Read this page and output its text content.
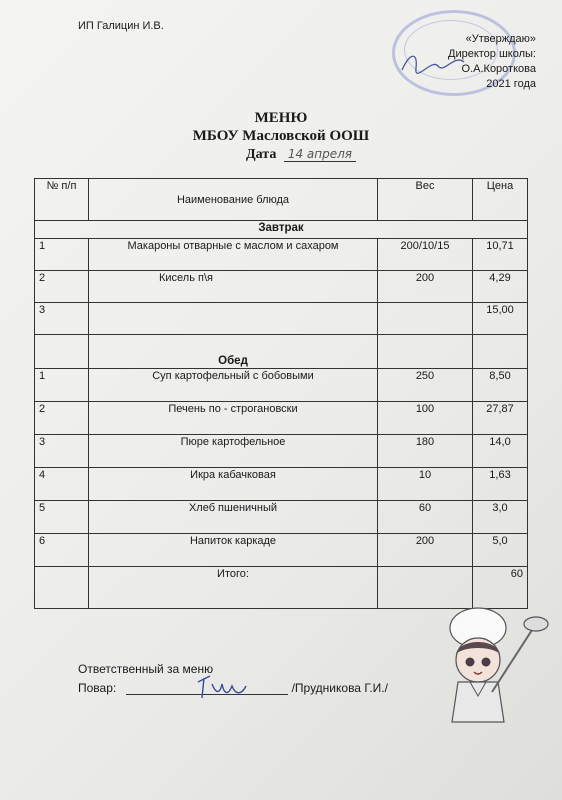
ИП Галицин И.В.
«Утверждаю»
Директор школы:
О.А.Короткова
2021 года
МЕНЮ
МБОУ Масловской ООШ
Дата 14 апреля
№ п/п	Наименование блюда	Вес	Цена
Завтрак			
1	Макароны отварные с маслом и сахаром	200/10/15	10,71
2	Кисель п\я	200	4,29
3			15,00
	Обед		
1	Суп картофельный с бобовыми	250	8,50
2	Печень по - строгановски	100	27,87
3	Пюре картофельное	180	14,0
4	Икра кабачковая	10	1,63
5	Хлеб пшеничный	60	3,0
6	Напиток каркаде	200	5,0
	Итого:		60
Ответственный за меню
Повар:	/Прудникова Г.И./
